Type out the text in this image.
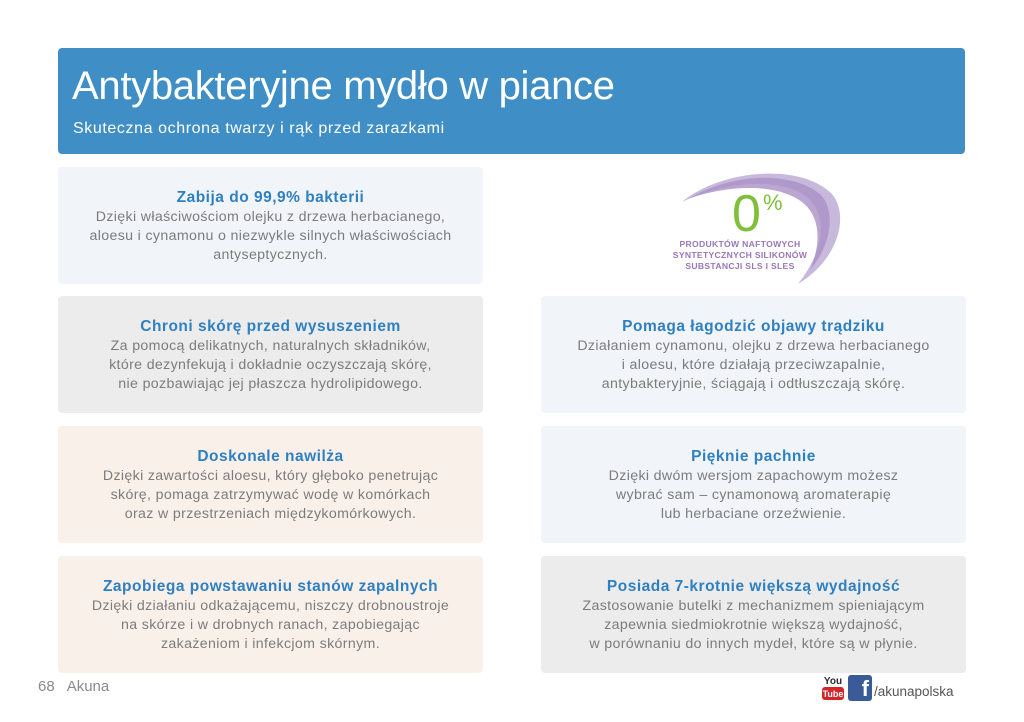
Antybakteryjne mydło w piance
Skuteczna ochrona twarzy i rąk przed zarazkami
Zabija do 99,9% bakterii
Dzięki właściwościom olejku z drzewa herbacianego,
aloesu i cynamonu o niezwykle silnych właściwościach
antyseptycznych.
0 %
PRODUKTÓW NAFTOWYCH
SYNTETYCZNYCH SILIKONÓW
SUBSTANCJI SLS I SLES
Chroni skórę przed wysuszeniem
Za pomocą delikatnych, naturalnych składników,
które dezynfekują i dokładnie oczyszczają skórę,
nie pozbawiając jej płaszcza hydrolipidowego.
Pomaga łagodzić objawy trądziku
Działaniem cynamonu, olejku z drzewa herbacianego
i aloesu, które działają przeciwzapalnie,
antybakteryjnie, ściągają i odtłuszczają skórę.
Doskonale nawilża
Dzięki zawartości aloesu, który głęboko penetrując
skórę, pomaga zatrzymywać wodę w komórkach
oraz w przestrzeniach międzykomórkowych.
Pięknie pachnie
Dzięki dwóm wersjom zapachowym możesz
wybrać sam – cynamonową aromaterapię
lub herbaciane orzeźwienie.
Zapobiega powstawaniu stanów zapalnych
Dzięki działaniu odkażającemu, niszczy drobnoustroje
na skórze i w drobnych ranach, zapobiegając
zakażeniom i infekcjom skórnym.
Posiada 7-krotnie większą wydajność
Zastosowanie butelki z mechanizmem spieniającym
zapewnia siedmiokrotnie większą wydajność,
w porównaniu do innych mydeł, które są w płynie.
68 Akuna	You
Tube f /akunapolska
